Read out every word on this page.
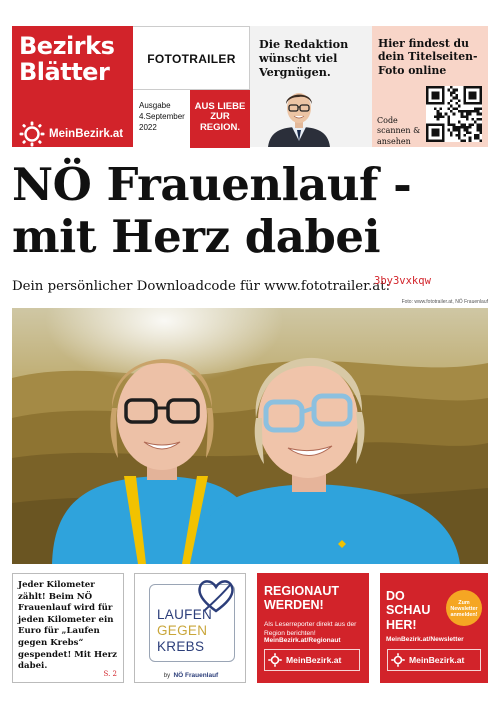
Bezirks
Blätter
MeinBezirk.at
FOTOTRAILER
Ausgabe
4.September
2022
AUS LIEBE ZUR REGION.
Die Redaktion wünscht viel Vergnügen.
Hier findest du dein Titelseiten-Foto online
Code scannen & ansehen
NÖ Frauenlauf -
mit Herz dabei
Dein persönlicher Downloadcode für www.fototrailer.at:
3by3vxkqw
Foto: www.fototrailer.at, NÖ Frauenlauf
Jeder Kilometer zählt! Beim NÖ Frauenlauf wird für jeden Kilometer ein Euro für „Laufen gegen Krebs“ gespendet! Mit Herz dabei.
S. 2
LAUFEN
GEGEN
KREBS
by NÖ Frauenlauf
REGIONAUT WERDEN!
Als Leserreporter direkt aus der Region berichten!
MeinBezirk.at/Regionaut
MeinBezirk.at
DO
SCHAU
HER!
Zum Newsletter anmelden!
MeinBezirk.at/Newsletter
MeinBezirk.at
